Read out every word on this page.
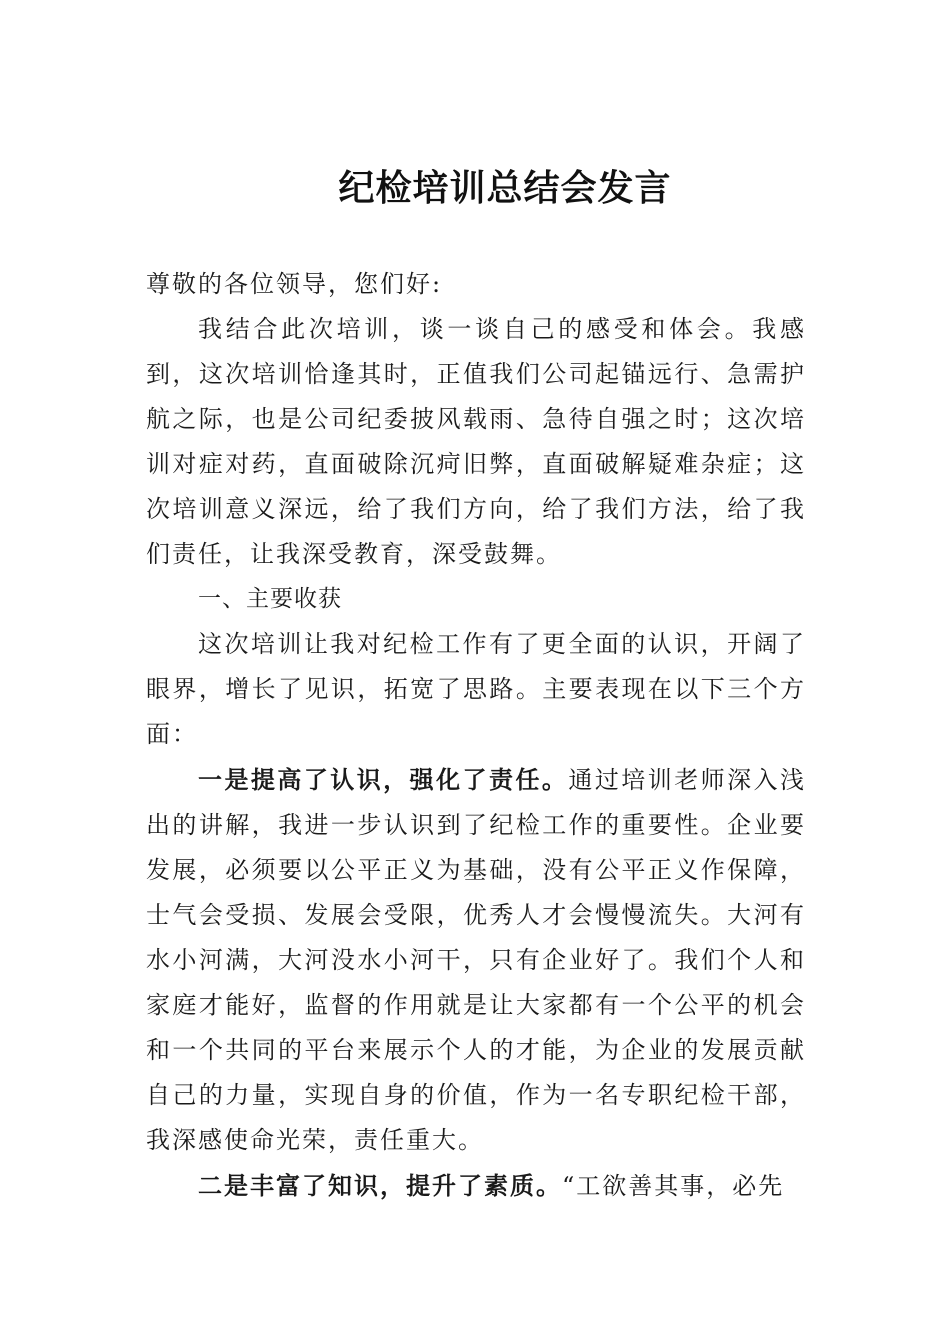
纪检培训总结会发言

尊敬的各位领导，您们好:

我结合此次培训，谈一谈自己的感受和体会。我感到，这次培训恰逢其时，正值我们公司起锚远行、急需护航之际，也是公司纪委披风载雨、急待自强之时；这次培训对症对药，直面破除沉疴旧弊，直面破解疑难杂症；这次培训意义深远，给了我们方向，给了我们方法，给了我们责任，让我深受教育，深受鼓舞。

一、主要收获

这次培训让我对纪检工作有了更全面的认识，开阔了眼界，增长了见识，拓宽了思路。主要表现在以下三个方面：

一是提高了认识，强化了责任。通过培训老师深入浅出的讲解，我进一步认识到了纪检工作的重要性。企业要发展，必须要以公平正义为基础，没有公平正义作保障，士气会受损、发展会受限，优秀人才会慢慢流失。大河有水小河满，大河没水小河干，只有企业好了。我们个人和家庭才能好，监督的作用就是让大家都有一个公平的机会和一个共同的平台来展示个人的才能，为企业的发展贡献自己的力量，实现自身的价值，作为一名专职纪检干部，我深感使命光荣，责任重大。

二是丰富了知识，提升了素质。“工欲善其事，必先
